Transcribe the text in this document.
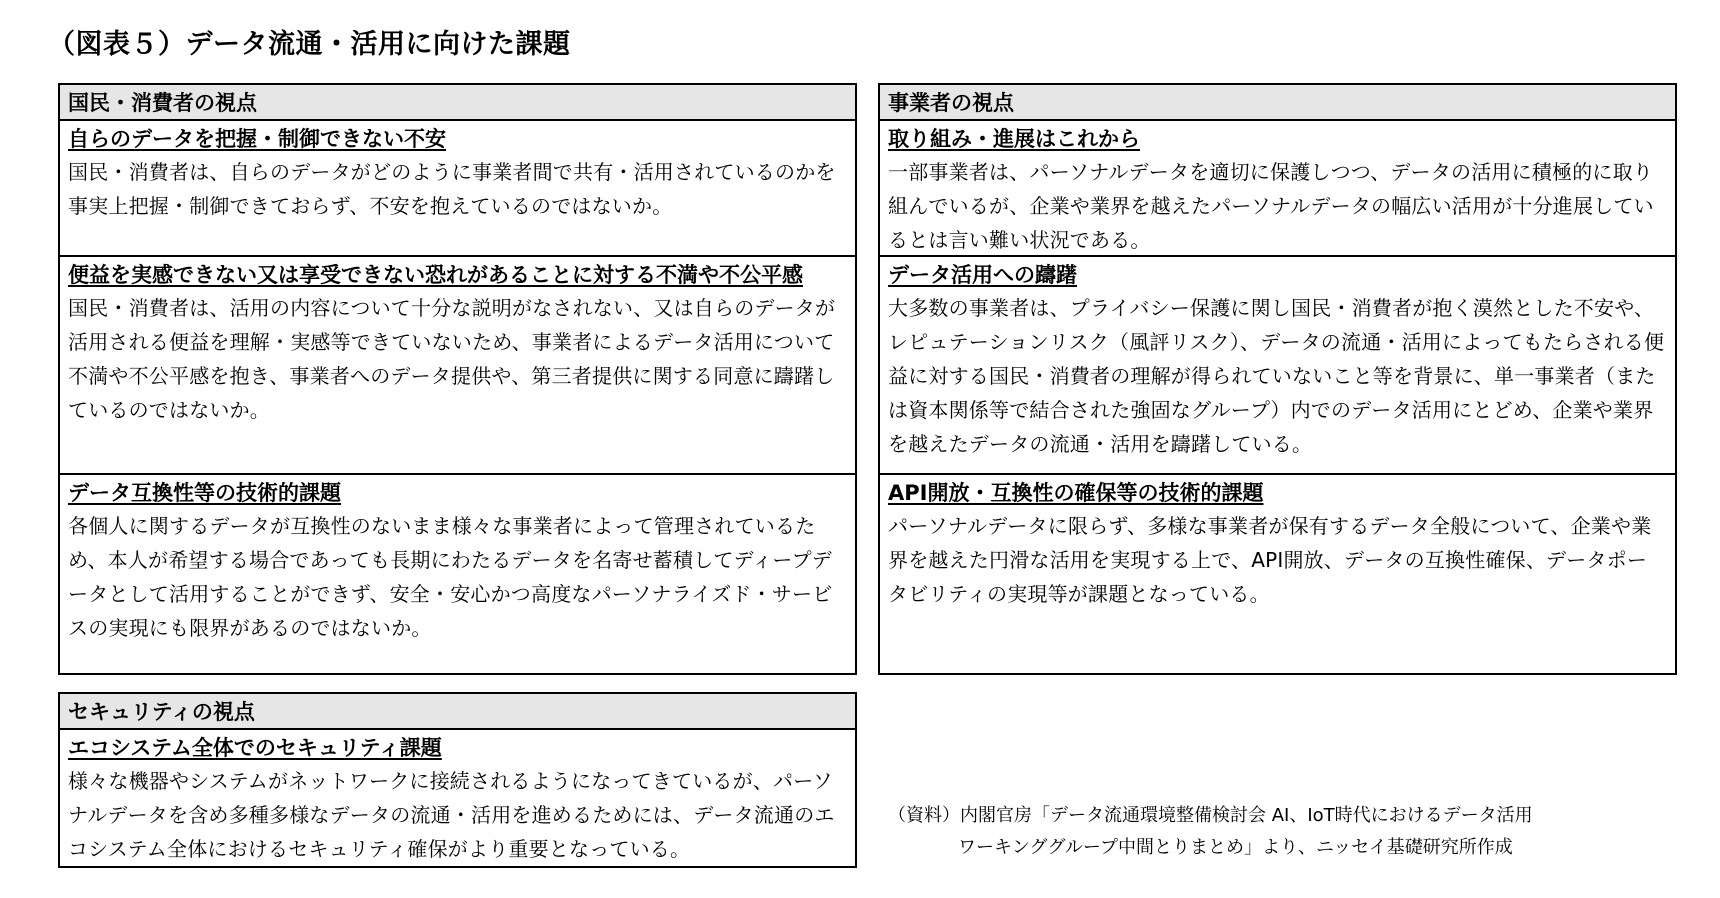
（図表５）データ流通・活用に向けた課題
国民・消費者の視点
自らのデータを把握・制御できない不安
国民・消費者は、自らのデータがどのように事業者間で共有・活用されているのかを事実上把握・制御できておらず、不安を抱えているのではないか。
便益を実感できない又は享受できない恐れがあることに対する不満や不公平感
国民・消費者は、活用の内容について十分な説明がなされない、又は自らのデータが活用される便益を理解・実感等できていないため、事業者によるデータ活用について不満や不公平感を抱き、事業者へのデータ提供や、第三者提供に関する同意に躊躇しているのではないか。
データ互換性等の技術的課題
各個人に関するデータが互換性のないまま様々な事業者によって管理されているため、本人が希望する場合であっても長期にわたるデータを名寄せ蓄積してディープデータとして活用することができず、安全・安心かつ高度なパーソナライズド・サービスの実現にも限界があるのではないか。
事業者の視点
取り組み・進展はこれから
一部事業者は、パーソナルデータを適切に保護しつつ、データの活用に積極的に取り組んでいるが、企業や業界を越えたパーソナルデータの幅広い活用が十分進展しているとは言い難い状況である。
データ活用への躊躇
大多数の事業者は、プライバシー保護に関し国民・消費者が抱く漠然とした不安や、レピュテーションリスク（風評リスク）、データの流通・活用によってもたらされる便益に対する国民・消費者の理解が得られていないこと等を背景に、単一事業者（または資本関係等で結合された強固なグループ）内でのデータ活用にとどめ、企業や業界を越えたデータの流通・活用を躊躇している。
API開放・互換性の確保等の技術的課題
パーソナルデータに限らず、多様な事業者が保有するデータ全般について、企業や業界を越えた円滑な活用を実現する上で、API開放、データの互換性確保、データポータビリティの実現等が課題となっている。
セキュリティの視点
エコシステム全体でのセキュリティ課題
様々な機器やシステムがネットワークに接続されるようになってきているが、パーソナルデータを含め多種多様なデータの流通・活用を進めるためには、データ流通のエコシステム全体におけるセキュリティ確保がより重要となっている。
（資料）内閣官房「データ流通環境整備検討会 AI、IoT時代におけるデータ活用
ワーキンググループ中間とりまとめ」より、ニッセイ基礎研究所作成
